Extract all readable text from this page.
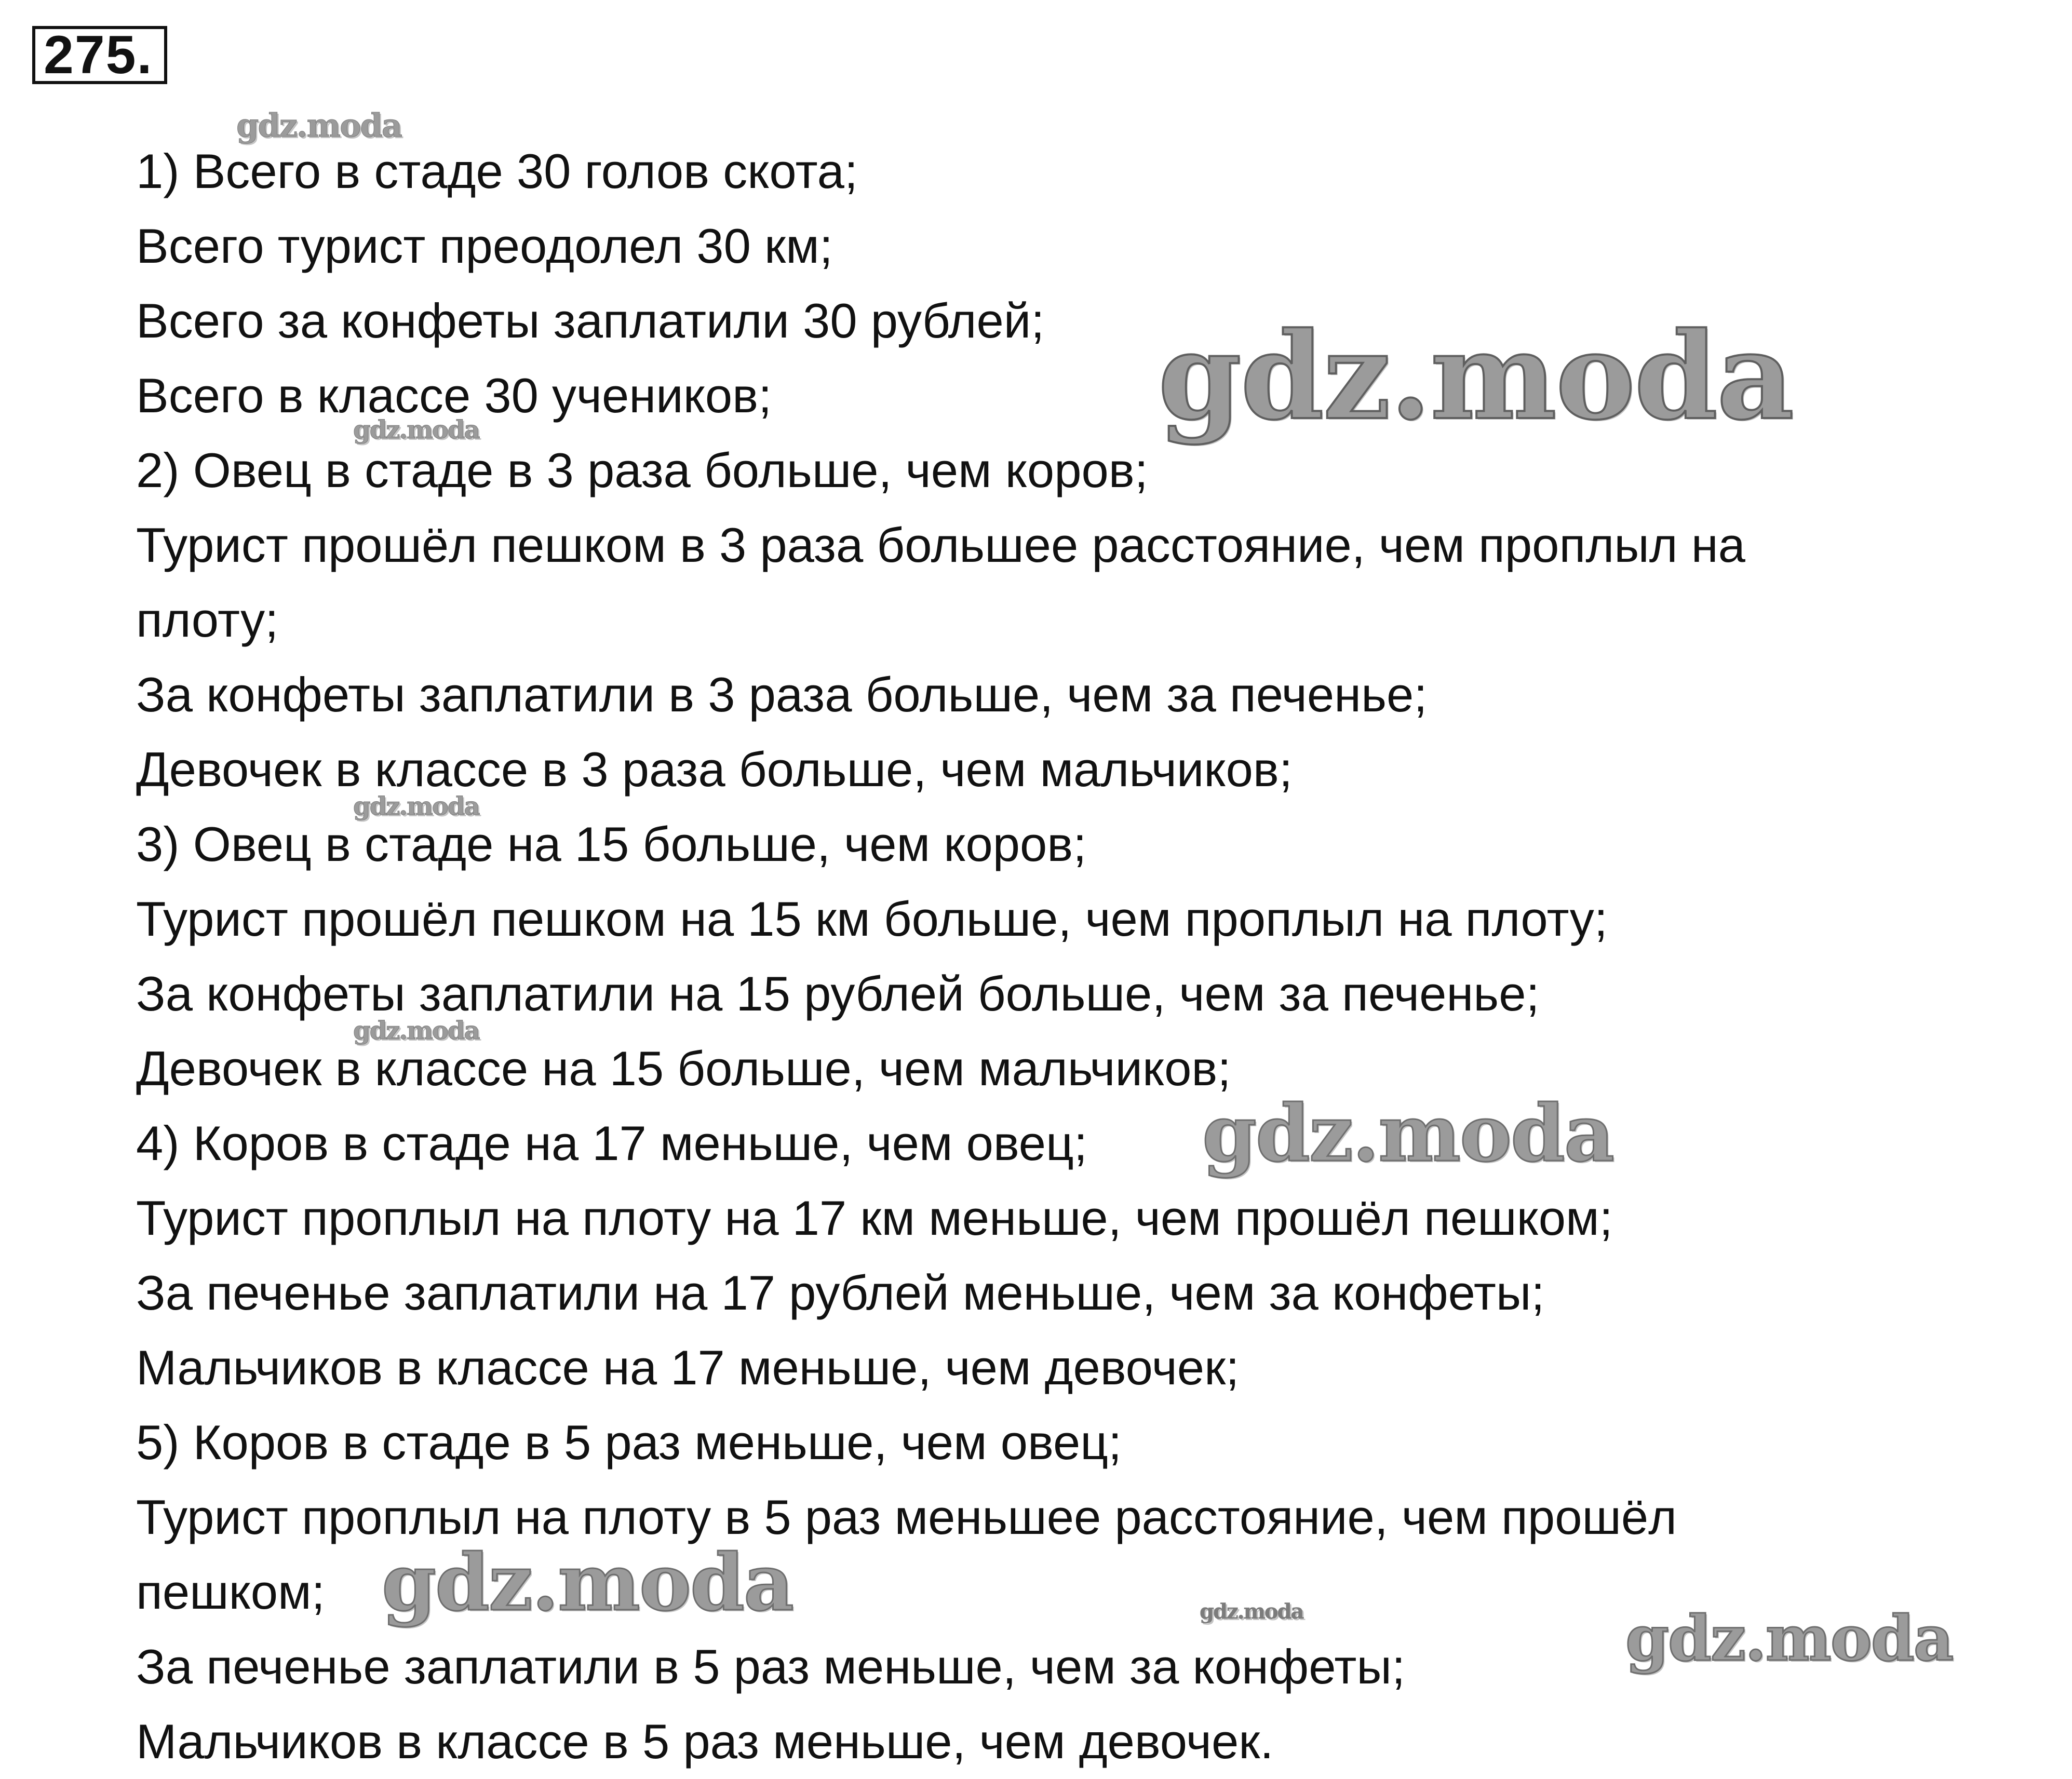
275.
1) Всего в стаде 30 голов скота;
Всего турист преодолел 30 км;
Всего за конфеты заплатили 30 рублей;
Всего в классе 30 учеников;
2) Овец в стаде в 3 раза больше, чем коров;
Турист прошёл пешком в 3 раза большее расстояние, чем проплыл на
плоту;
За конфеты заплатили в 3 раза больше, чем за печенье;
Девочек в классе в 3 раза больше, чем мальчиков;
3) Овец в стаде на 15 больше, чем коров;
Турист прошёл пешком на 15 км больше, чем проплыл на плоту;
За конфеты заплатили на 15 рублей больше, чем за печенье;
Девочек в классе на 15 больше, чем мальчиков;
4) Коров в стаде на 17 меньше, чем овец;
Турист проплыл на плоту на 17 км меньше, чем прошёл пешком;
За печенье заплатили на 17 рублей меньше, чем за конфеты;
Мальчиков в классе на 17 меньше, чем девочек;
5) Коров в стаде в 5 раз меньше, чем овец;
Турист проплыл на плоту в 5 раз меньшее расстояние, чем прошёл
пешком;
За печенье заплатили в 5 раз меньше, чем за конфеты;
Мальчиков в классе в 5 раз меньше, чем девочек.
gdz.moda
gdz.moda
gdz.moda
gdz.moda
gdz.moda
gdz.moda
gdz.moda	gdz.moda	gdz.moda
